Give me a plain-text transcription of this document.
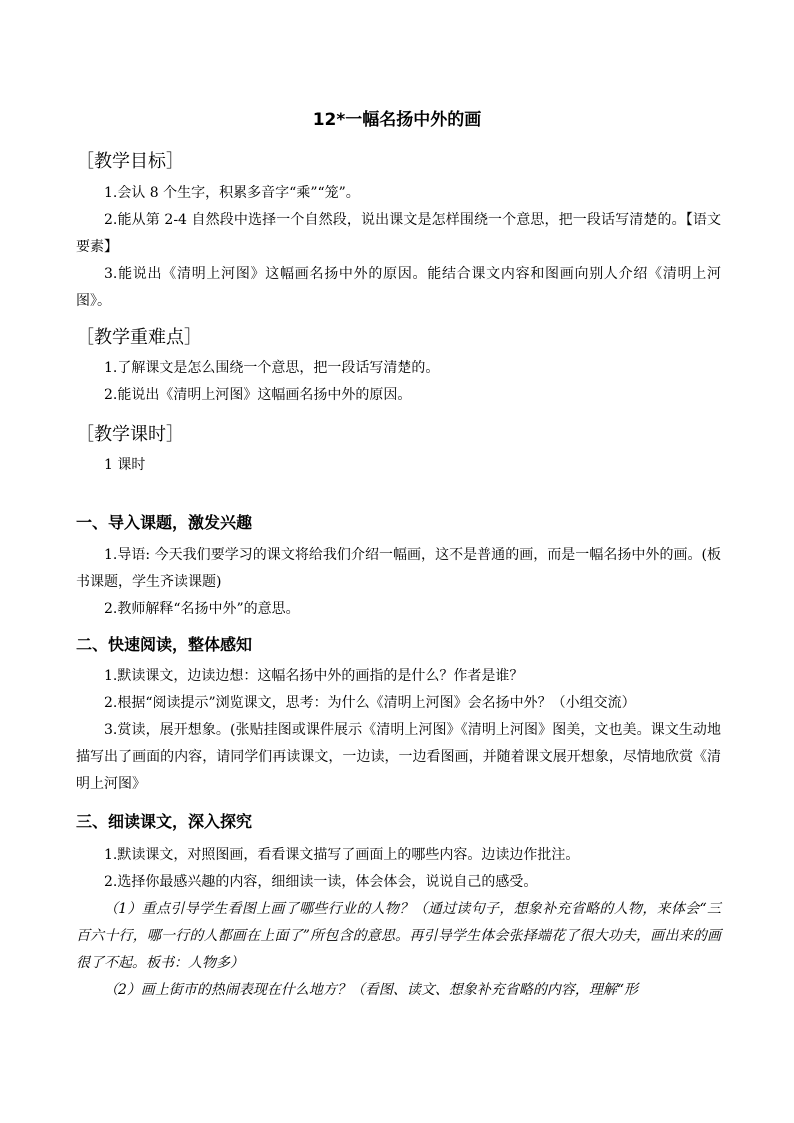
12*一幅名扬中外的画
［教学目标］

1.会认 8 个生字，积累多音字“乘”“笼”。

2.能从第 2-4 自然段中选择一个自然段，说出课文是怎样围绕一个意思，把一段话写清楚的。【语文要素】

3.能说出《清明上河图》这幅画名扬中外的原因。能结合课文内容和图画向别人介绍《清明上河图》。

［教学重难点］

1.了解课文是怎么围绕一个意思，把一段话写清楚的。

2.能说出《清明上河图》这幅画名扬中外的原因。

［教学课时］

1 课时

一、导入课题，激发兴趣

1.导语: 今天我们要学习的课文将给我们介绍一幅画，这不是普通的画，而是一幅名扬中外的画。(板书课题，学生齐读课题)

2.教师解释“名扬中外”的意思。

二、快速阅读，整体感知

1.默读课文，边读边想：这幅名扬中外的画指的是什么？作者是谁？

2.根据“阅读提示”浏览课文，思考：为什么《清明上河图》会名扬中外？（小组交流）

3.赏读，展开想象。(张贴挂图或课件展示《清明上河图》《清明上河图》图美，文也美。课文生动地描写出了画面的内容，请同学们再读课文，一边读，一边看图画，并随着课文展开想象，尽情地欣赏《清明上河图》

三、细读课文，深入探究

1.默读课文，对照图画，看看课文描写了画面上的哪些内容。边读边作批注。

2.选择你最感兴趣的内容，细细读一读，体会体会，说说自己的感受。

（1）重点引导学生看图上画了哪些行业的人物？（通过读句子，想象补充省略的人物，来体会“三百六十行，哪一行的人都画在上面了”所包含的意思。再引导学生体会张择端花了很大功夫，画出来的画很了不起。板书：人物多）

（2）画上街市的热闹表现在什么地方？（看图、读文、想象补充省略的内容，理解“形
